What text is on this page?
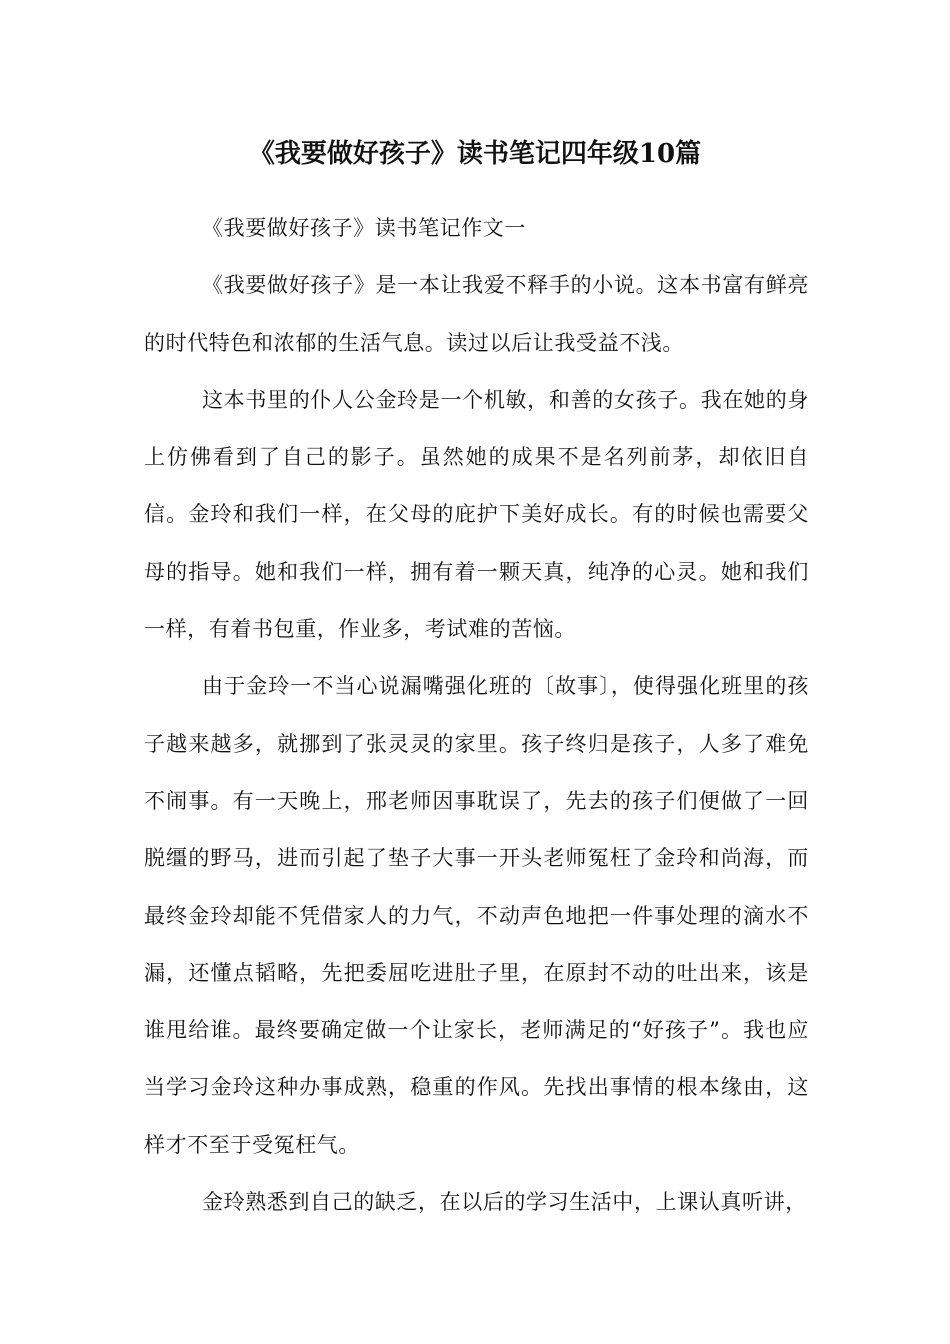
《我要做好孩子》读书笔记四年级10篇

《我要做好孩子》读书笔记作文一

《我要做好孩子》是一本让我爱不释手的小说。这本书富有鲜亮的时代特色和浓郁的生活气息。读过以后让我受益不浅。

这本书里的仆人公金玲是一个机敏，和善的女孩子。我在她的身上仿佛看到了自己的影子。虽然她的成果不是名列前茅，却依旧自信。金玲和我们一样，在父母的庇护下美好成长。有的时候也需要父母的指导。她和我们一样，拥有着一颗天真，纯净的心灵。她和我们一样，有着书包重，作业多，考试难的苦恼。

由于金玲一不当心说漏嘴强化班的〔故事〕，使得强化班里的孩子越来越多，就挪到了张灵灵的家里。孩子终归是孩子，人多了难免不闹事。有一天晚上，邢老师因事耽误了，先去的孩子们便做了一回脱缰的野马，进而引起了垫子大事一开头老师冤枉了金玲和尚海，而最终金玲却能不凭借家人的力气，不动声色地把一件事处理的滴水不漏，还懂点韬略，先把委屈吃进肚子里，在原封不动的吐出来，该是谁甩给谁。最终要确定做一个让家长，老师满足的“好孩子”。我也应当学习金玲这种办事成熟，稳重的作风。先找出事情的根本缘由，这样才不至于受冤枉气。

金玲熟悉到自己的缺乏，在以后的学习生活中，上课认真听讲，
